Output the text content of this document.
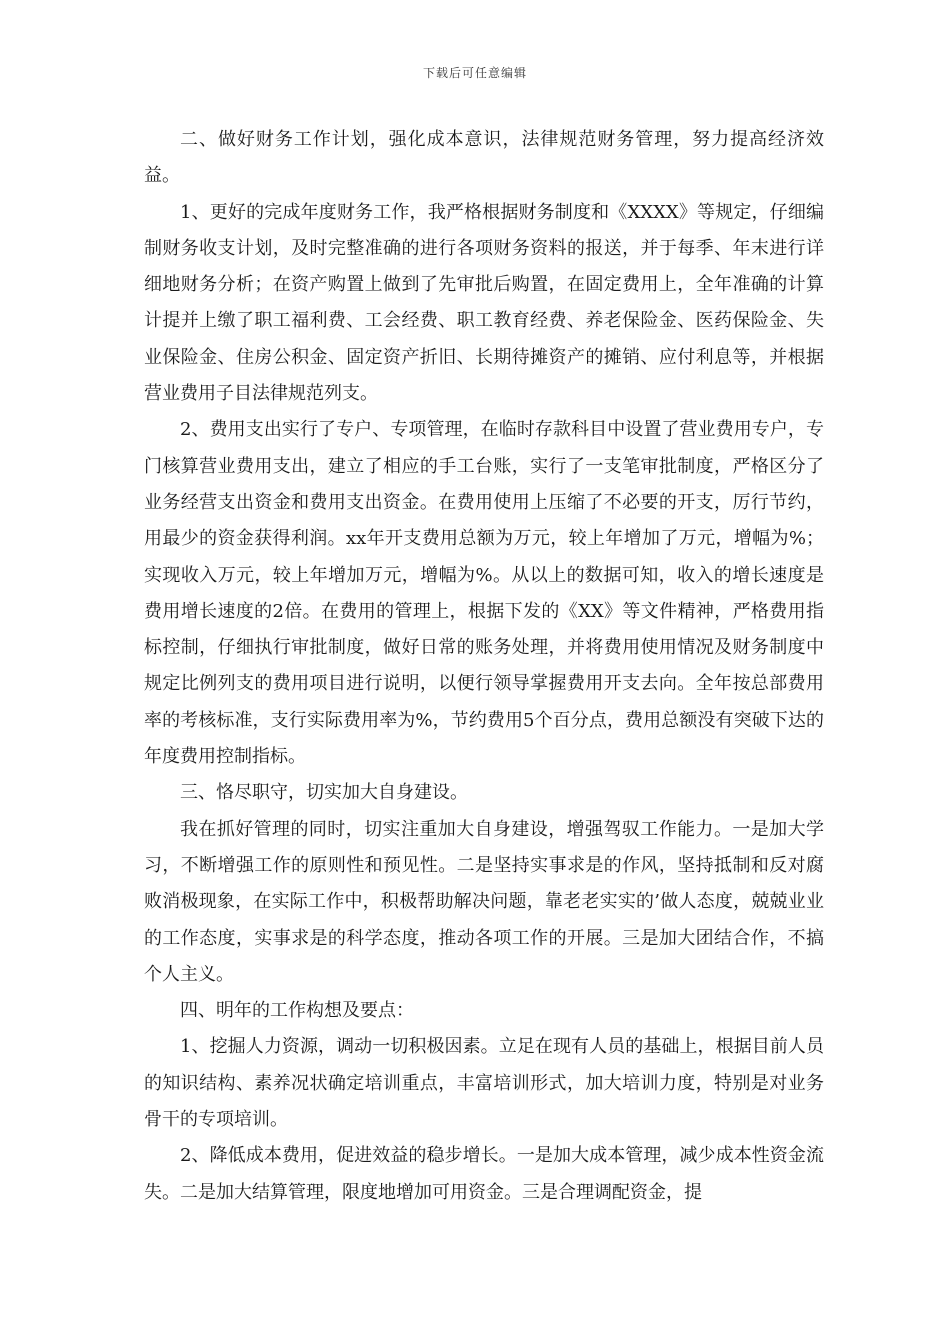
下载后可任意编辑

二、做好财务工作计划，强化成本意识，法律规范财务管理，努力提高经济效益。

1、更好的完成年度财务工作，我严格根据财务制度和《XXXX》等规定，仔细编制财务收支计划，及时完整准确的进行各项财务资料的报送，并于每季、年末进行详细地财务分析；在资产购置上做到了先审批后购置，在固定费用上，全年准确的计算计提并上缴了职工福利费、工会经费、职工教育经费、养老保险金、医药保险金、失业保险金、住房公积金、固定资产折旧、长期待摊资产的摊销、应付利息等，并根据营业费用子目法律规范列支。

2、费用支出实行了专户、专项管理，在临时存款科目中设置了营业费用专户，专门核算营业费用支出，建立了相应的手工台账，实行了一支笔审批制度，严格区分了业务经营支出资金和费用支出资金。在费用使用上压缩了不必要的开支，厉行节约，用最少的资金获得利润。xx年开支费用总额为万元，较上年增加了万元，增幅为%；实现收入万元，较上年增加万元，增幅为%。从以上的数据可知，收入的增长速度是费用增长速度的2倍。在费用的管理上，根据下发的《XX》等文件精神，严格费用指标控制，仔细执行审批制度，做好日常的账务处理，并将费用使用情况及财务制度中规定比例列支的费用项目进行说明，以便行领导掌握费用开支去向。全年按总部费用率的考核标准，支行实际费用率为%，节约费用5个百分点，费用总额没有突破下达的年度费用控制指标。

三、恪尽职守，切实加大自身建设。

我在抓好管理的同时，切实注重加大自身建设，增强驾驭工作能力。一是加大学习，不断增强工作的原则性和预见性。二是坚持实事求是的作风，坚持抵制和反对腐败消极现象，在实际工作中，积极帮助解决问题，靠老老实实的’做人态度，兢兢业业的工作态度，实事求是的科学态度，推动各项工作的开展。三是加大团结合作，不搞个人主义。

四、明年的工作构想及要点：

1、挖掘人力资源，调动一切积极因素。立足在现有人员的基础上，根据目前人员的知识结构、素养况状确定培训重点，丰富培训形式，加大培训力度，特别是对业务骨干的专项培训。

2、降低成本费用，促进效益的稳步增长。一是加大成本管理，减少成本性资金流失。二是加大结算管理，限度地增加可用资金。三是合理调配资金，提
